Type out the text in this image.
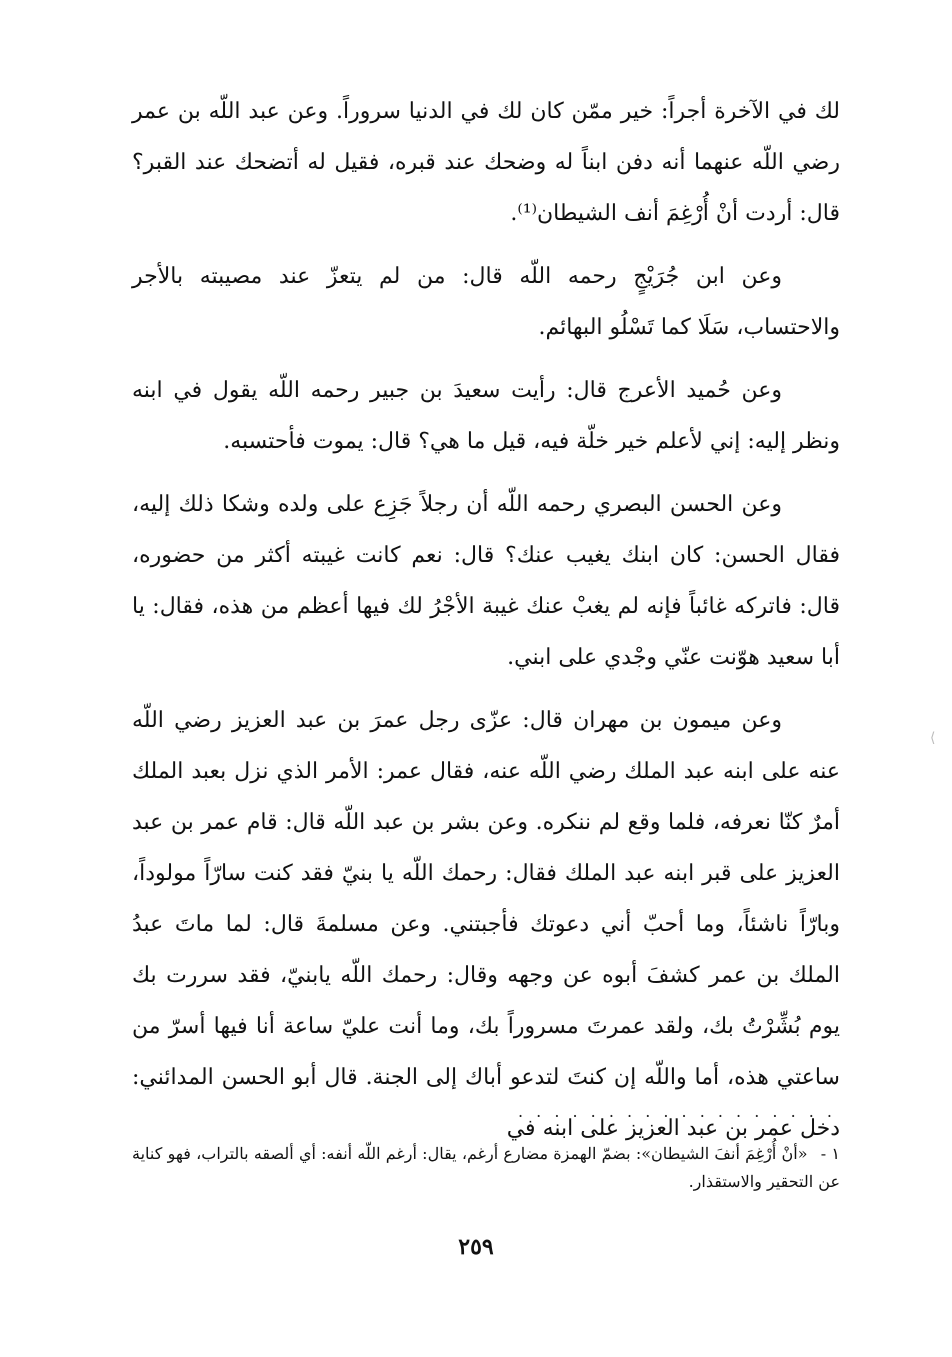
لك في الآخرة أجراً: خير ممّن كان لك في الدنيا سروراً. وعن عبد اللّه بن عمر رضي اللّه عنهما أنه دفن ابناً له وضحك عند قبره، فقيل له أتضحك عند القبر؟ قال: أردت أنْ أُرْغِمَ أنف الشيطان⁽¹⁾.

وعن ابن جُرَيْجٍ رحمه اللّه قال: من لم يتعزّ عند مصيبته بالأجر والاحتساب، سَلَا كما تَسْلُو البهائم.

وعن حُميد الأعرج قال: رأيت سعيدَ بن جبير رحمه اللّه يقول في ابنه ونظر إليه: إني لأعلم خير خلّة فيه، قيل ما هي؟ قال: يموت فأحتسبه.

وعن الحسن البصري رحمه اللّه أن رجلاً جَزِع على ولده وشكا ذلك إليه، فقال الحسن: كان ابنك يغيب عنك؟ قال: نعم كانت غيبته أكثر من حضوره، قال: فاتركه غائباً فإنه لم يغبْ عنك غيبة الأجْرُ لك فيها أعظم من هذه، فقال: يا أبا سعيد هوّنت عنّي وجْدي على ابني.

وعن ميمون بن مهران قال: عزّى رجل عمرَ بن عبد العزيز رضي اللّه عنه على ابنه عبد الملك رضي اللّه عنه، فقال عمر: الأمر الذي نزل بعبد الملك أمرٌ كنّا نعرفه، فلما وقع لم ننكره. وعن بشر بن عبد اللّه قال: قام عمر بن عبد العزيز على قبر ابنه عبد الملك فقال: رحمك اللّه يا بنيّ فقد كنت سارّاً مولوداً، وبارّاً ناشئاً، وما أحبّ أني دعوتك فأجبتني. وعن مسلمةَ قال: لما ماتَ عبدُ الملك بن عمر كشفَ أبوه عن وجهه وقال: رحمك اللّه يابنيّ، فقد سررت بك يوم بُشِّرْتُ بك، ولقد عمرتَ مسروراً بك، وما أنت عليّ ساعة أنا فيها أسرّ من ساعتي هذه، أما واللّه إن كنتَ لتدعو أباك إلى الجنة. قال أبو الحسن المدائني: دخل عمر بن عبد العزيز على ابنه في

. . . . . . . . . . . . . . . . . .
١ - «أنْ أُرْغِمَ أنفَ الشيطان»: بضمّ الهمزة مضارع أرغم، يقال: أرغم اللّه أنفه: أي ألصقه بالتراب، فهو كناية عن التحقير والاستقذار.
٢٥٩
⟨
